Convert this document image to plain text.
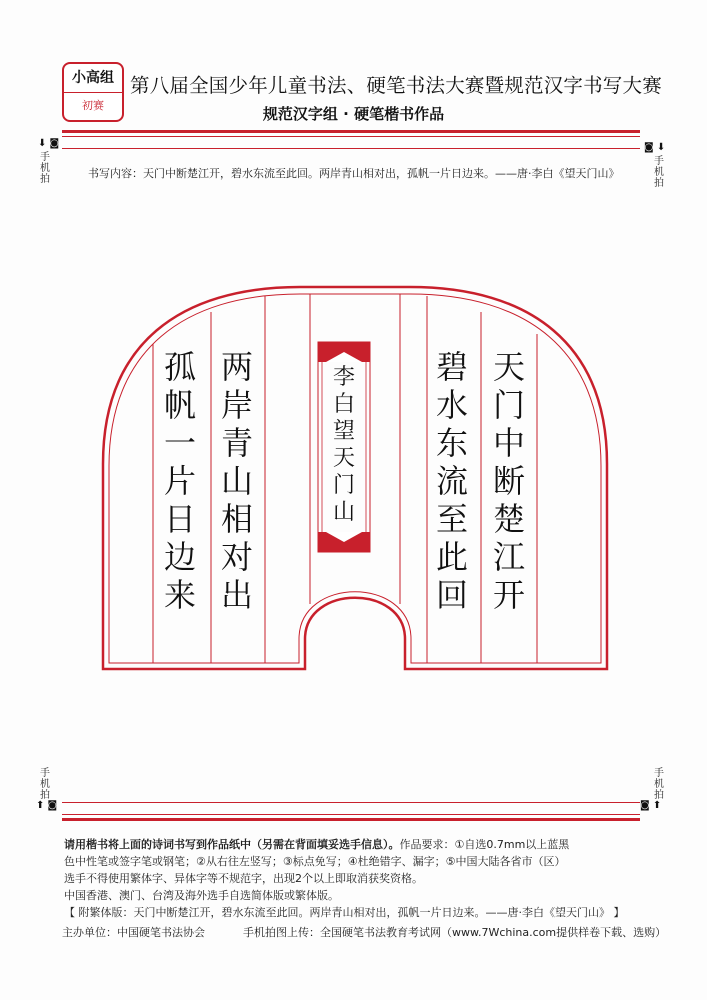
小高组
初赛
第八届全国少年儿童书法、硬笔书法大赛暨规范汉字书写大赛
规范汉字组 · 硬笔楷书作品
⬇ ◙
手机拍
◙ ⬇
手机拍
书写内容：天门中断楚江开，碧水东流至此回。两岸青山相对出，孤帆一片日边来。——唐·李白《望天门山》
天
门
中
断
楚
江
开
碧
水
东
流
至
此
回
李
白
望
天
门
山
两
岸
青
山
相
对
出
孤
帆
一
片
日
边
来
手机拍
⬆ ◙
手机拍
◙ ⬆
请用楷书将上面的诗词书写到作品纸中（另需在背面填妥选手信息）。作品要求：①自选0.7mm以上蓝黑
色中性笔或签字笔或钢笔；②从右往左竖写；③标点免写；④杜绝错字、漏字；⑤中国大陆各省市（区）
选手不得使用繁体字、异体字等不规范字，出现2个以上即取消获奖资格。
中国香港、澳门、台湾及海外选手自选简体版或繁体版。
【 附繁体版：天门中断楚江开，碧水东流至此回。两岸青山相对出，孤帆一片日边来。——唐·李白《望天门山》 】
主办单位：中国硬笔书法协会	手机拍图上传：全国硬笔书法教育考试网（www.7Wchina.com提供样卷下载、选购）
